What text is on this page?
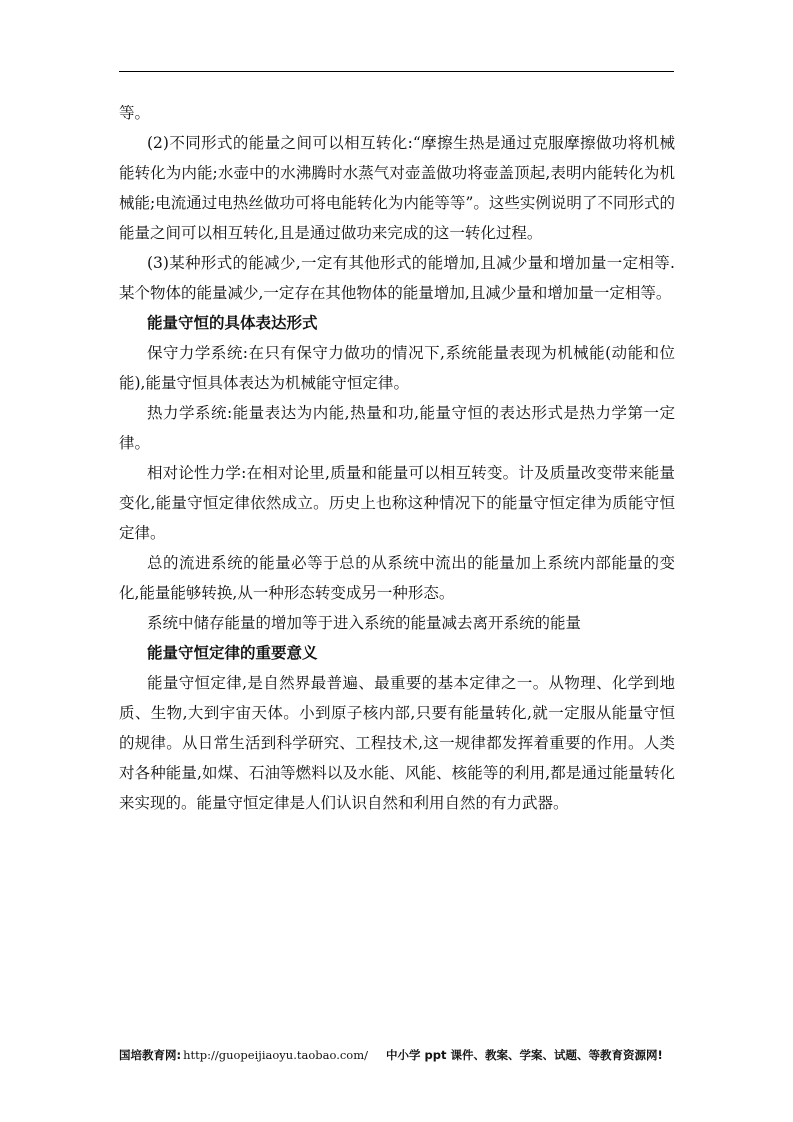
等。

(2)不同形式的能量之间可以相互转化:“摩擦生热是通过克服摩擦做功将机械能转化为内能;水壶中的水沸腾时水蒸气对壶盖做功将壶盖顶起,表明内能转化为机械能;电流通过电热丝做功可将电能转化为内能等等”。这些实例说明了不同形式的能量之间可以相互转化,且是通过做功来完成的这一转化过程。

(3)某种形式的能减少,一定有其他形式的能增加,且减少量和增加量一定相等.某个物体的能量减少,一定存在其他物体的能量增加,且减少量和增加量一定相等。

能量守恒的具体表达形式

保守力学系统:在只有保守力做功的情况下,系统能量表现为机械能(动能和位能),能量守恒具体表达为机械能守恒定律。

热力学系统:能量表达为内能,热量和功,能量守恒的表达形式是热力学第一定律。

相对论性力学:在相对论里,质量和能量可以相互转变。计及质量改变带来能量变化,能量守恒定律依然成立。历史上也称这种情况下的能量守恒定律为质能守恒定律。

总的流进系统的能量必等于总的从系统中流出的能量加上系统内部能量的变化,能量能够转换,从一种形态转变成另一种形态。

系统中储存能量的增加等于进入系统的能量减去离开系统的能量

能量守恒定律的重要意义

能量守恒定律,是自然界最普遍、最重要的基本定律之一。从物理、化学到地质、生物,大到宇宙天体。小到原子核内部,只要有能量转化,就一定服从能量守恒的规律。从日常生活到科学研究、工程技术,这一规律都发挥着重要的作用。人类对各种能量,如煤、石油等燃料以及水能、风能、核能等的利用,都是通过能量转化来实现的。能量守恒定律是人们认识自然和利用自然的有力武器。

国培教育网: http://guopeijiaoyu.taobao.com/ 中小学 ppt 课件、教案、学案、试题、等教育资源网!
